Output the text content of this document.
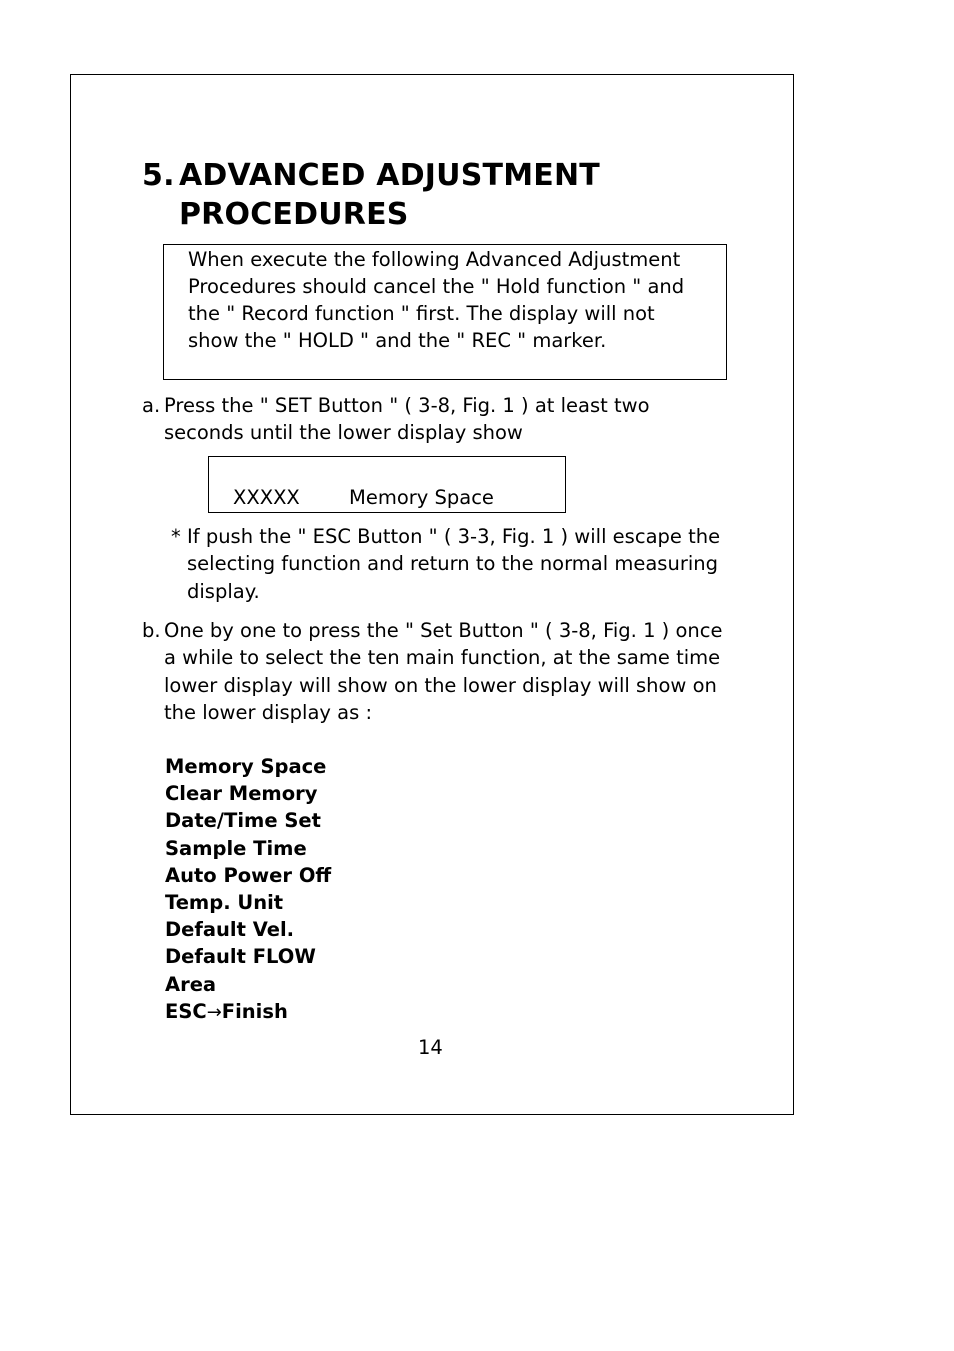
5. ADVANCED ADJUSTMENT
PROCEDURES
When execute the following Advanced Adjustment Procedures should cancel the " Hold function " and the " Record function " first. The display will not show the " HOLD " and the " REC " marker.

a. Press the " SET Button " ( 3-8, Fig. 1 ) at least two seconds until the lower display show

XXXXX	Memory Space

* If push the " ESC Button " ( 3-3, Fig. 1 ) will escape the selecting function and return to the normal measuring display.

b. One by one to press the " Set Button " ( 3-8, Fig. 1 ) once a while to select the ten main function, at the same time lower display will show on the lower display will show on the lower display as :

Memory Space
Clear Memory
Date/Time Set
Sample Time
Auto Power Off
Temp. Unit
Default Vel.
Default FLOW
Area
ESC→Finish
14
